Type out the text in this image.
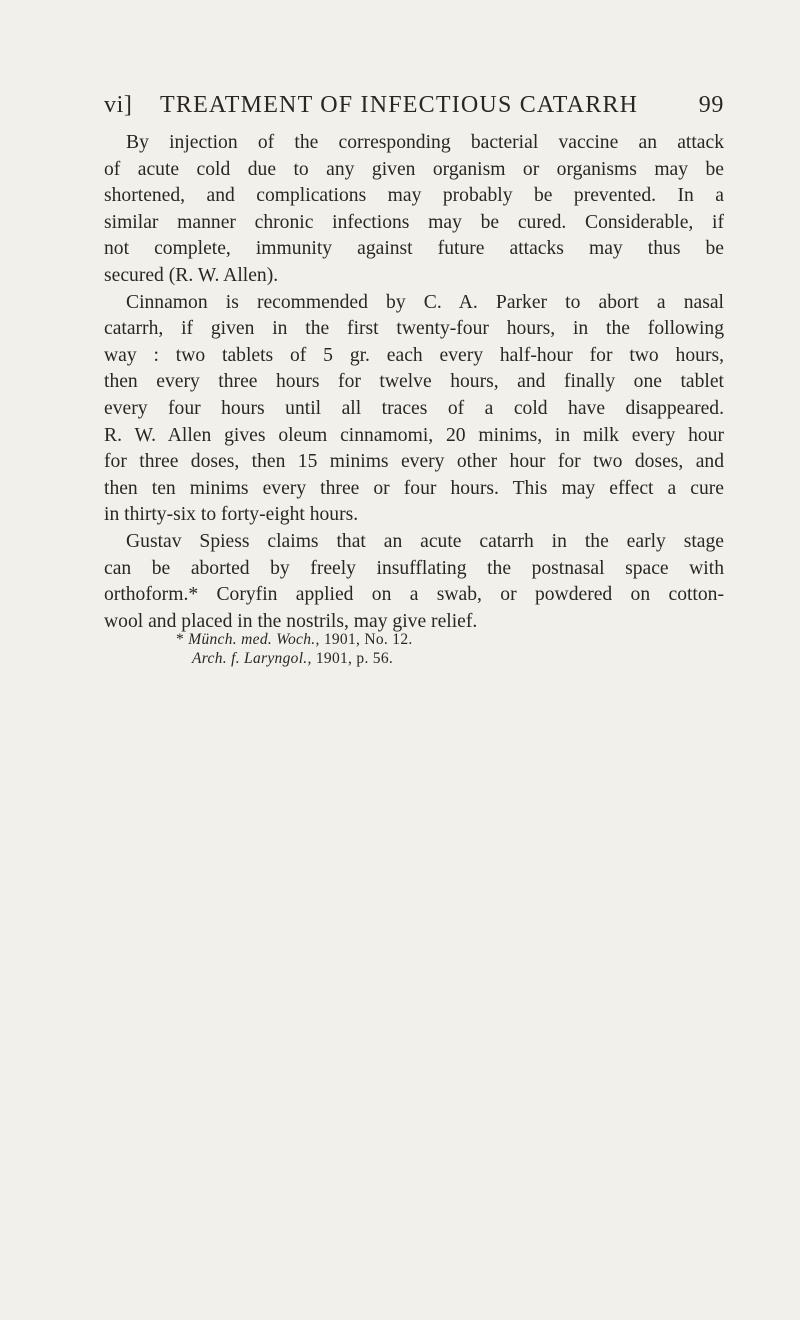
vi] TREATMENT OF INFECTIOUS CATARRH	99
By injection of the corresponding bacterial vaccine an attack
of acute cold due to any given organism or organisms may be
shortened, and complications may probably be prevented. In a
similar manner chronic infections may be cured. Considerable, if
not complete, immunity against future attacks may thus be
secured (R. W. Allen).
Cinnamon is recommended by C. A. Parker to abort a nasal
catarrh, if given in the first twenty-four hours, in the following
way : two tablets of 5 gr. each every half-hour for two hours,
then every three hours for twelve hours, and finally one tablet
every four hours until all traces of a cold have disappeared.
R. W. Allen gives oleum cinnamomi, 20 minims, in milk every hour
for three doses, then 15 minims every other hour for two doses, and
then ten minims every three or four hours. This may effect a cure
in thirty-six to forty-eight hours.
Gustav Spiess claims that an acute catarrh in the early stage
can be aborted by freely insufflating the postnasal space with
orthoform.* Coryfin applied on a swab, or powdered on cotton-
wool and placed in the nostrils, may give relief.
* Münch. med. Woch., 1901, No. 12.
Arch. f. Laryngol., 1901, p. 56.
